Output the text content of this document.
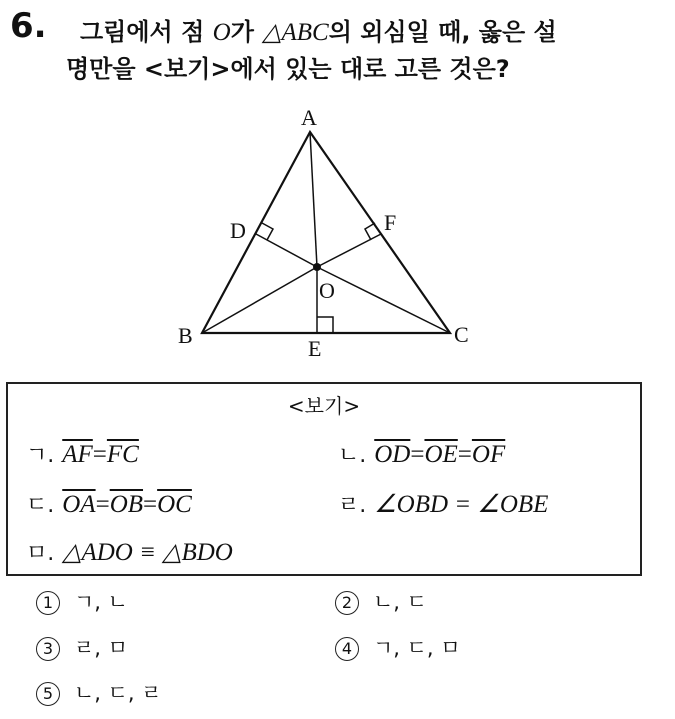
6. 그림에서 점 O가 △ABC의 외심일 때, 옳은 설
명만을 <보기>에서 있는 대로 고른 것은?

A
B	C
D
E
F
O
<보기>
ㄱ. $\overline{AF}=\overline{FC}$	ㄴ. $\overline{OD}=\overline{OE}=\overline{OF}$
ㄷ. $\overline{OA}=\overline{OB}=\overline{OC}$	ㄹ. ∠OBD = ∠OBE
ㅁ. △ADO ≡ △BDO
1 ㄱ, ㄴ	2 ㄴ, ㄷ
3 ㄹ, ㅁ	4 ㄱ, ㄷ, ㅁ
5 ㄴ, ㄷ, ㄹ
